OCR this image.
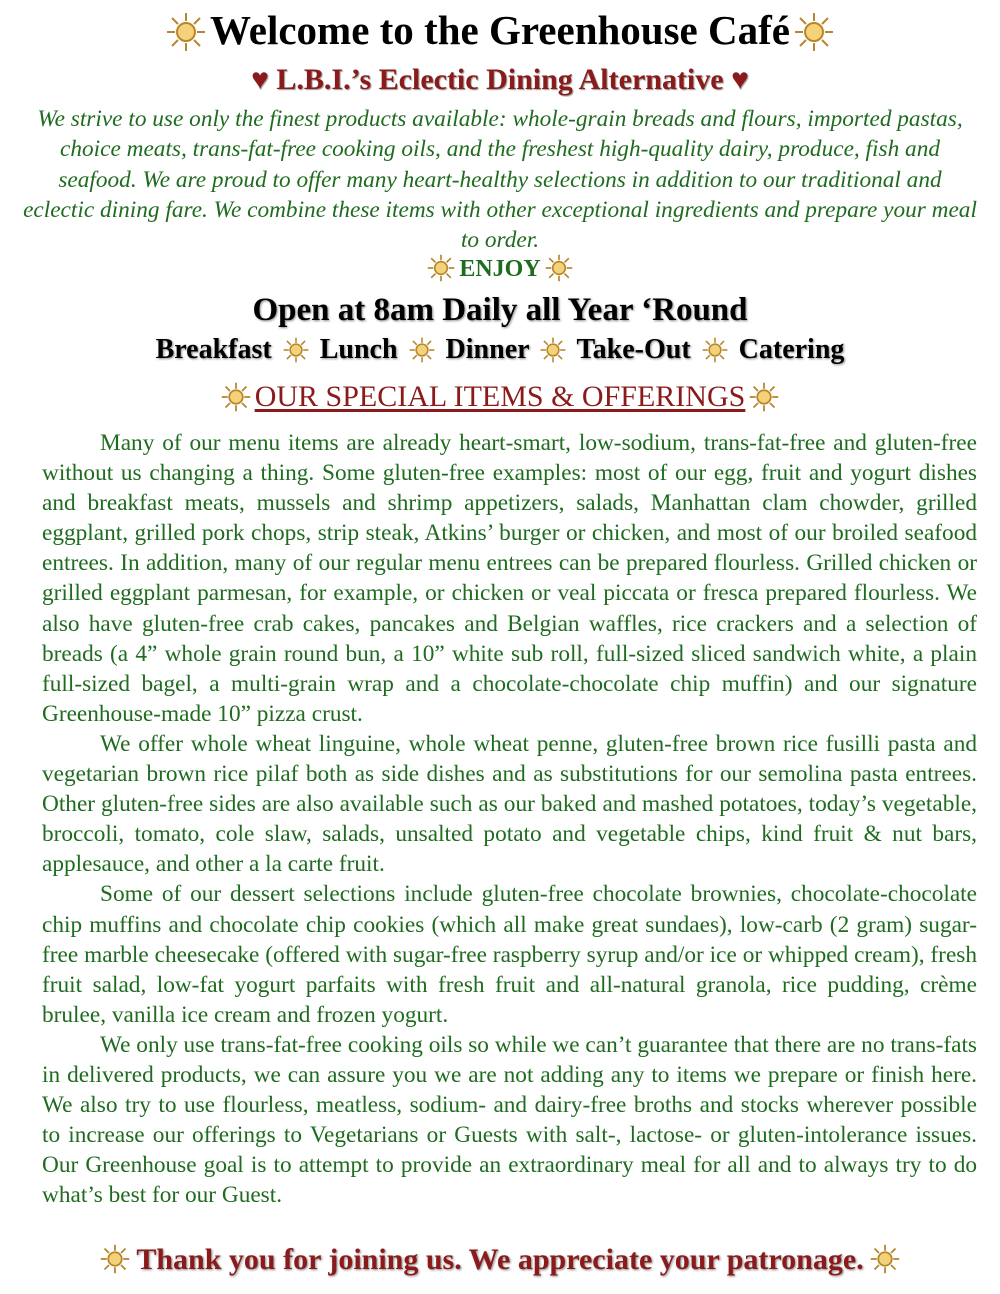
Welcome to the Greenhouse Café
♥ L.B.I.’s Eclectic Dining Alternative ♥
We strive to use only the finest products available: whole-grain breads and flours, imported pastas, choice meats, trans-fat-free cooking oils, and the freshest high-quality dairy, produce, fish and seafood. We are proud to offer many heart-healthy selections in addition to our traditional and eclectic dining fare. We combine these items with other exceptional ingredients and prepare your meal to order.
ENJOY
Open at 8am Daily all Year ‘Round
Breakfast Lunch Dinner Take-Out Catering
OUR SPECIAL ITEMS & OFFERINGS

Many of our menu items are already heart-smart, low-sodium, trans-fat-free and gluten-free without us changing a thing. Some gluten-free examples: most of our egg, fruit and yogurt dishes and breakfast meats, mussels and shrimp appetizers, salads, Manhattan clam chowder, grilled eggplant, grilled pork chops, strip steak, Atkins’ burger or chicken, and most of our broiled seafood entrees. In addition, many of our regular menu entrees can be prepared flourless. Grilled chicken or grilled eggplant parmesan, for example, or chicken or veal piccata or fresca prepared flourless. We also have gluten-free crab cakes, pancakes and Belgian waffles, rice crackers and a selection of breads (a 4” whole grain round bun, a 10” white sub roll, full-sized sliced sandwich white, a plain full-sized bagel, a multi-grain wrap and a chocolate-chocolate chip muffin) and our signature Greenhouse-made 10” pizza crust.

We offer whole wheat linguine, whole wheat penne, gluten-free brown rice fusilli pasta and vegetarian brown rice pilaf both as side dishes and as substitutions for our semolina pasta entrees. Other gluten-free sides are also available such as our baked and mashed potatoes, today’s vegetable, broccoli, tomato, cole slaw, salads, unsalted potato and vegetable chips, kind fruit & nut bars, applesauce, and other a la carte fruit.

Some of our dessert selections include gluten-free chocolate brownies, chocolate-chocolate chip muffins and chocolate chip cookies (which all make great sundaes), low-carb (2 gram) sugar-free marble cheesecake (offered with sugar-free raspberry syrup and/or ice or whipped cream), fresh fruit salad, low-fat yogurt parfaits with fresh fruit and all-natural granola, rice pudding, crème brulee, vanilla ice cream and frozen yogurt.

We only use trans-fat-free cooking oils so while we can’t guarantee that there are no trans-fats in delivered products, we can assure you we are not adding any to items we prepare or finish here. We also try to use flourless, meatless, sodium- and dairy-free broths and stocks wherever possible to increase our offerings to Vegetarians or Guests with salt-, lactose- or gluten-intolerance issues. Our Greenhouse goal is to attempt to provide an extraordinary meal for all and to always try to do what’s best for our Guest.

Thank you for joining us. We appreciate your patronage.
